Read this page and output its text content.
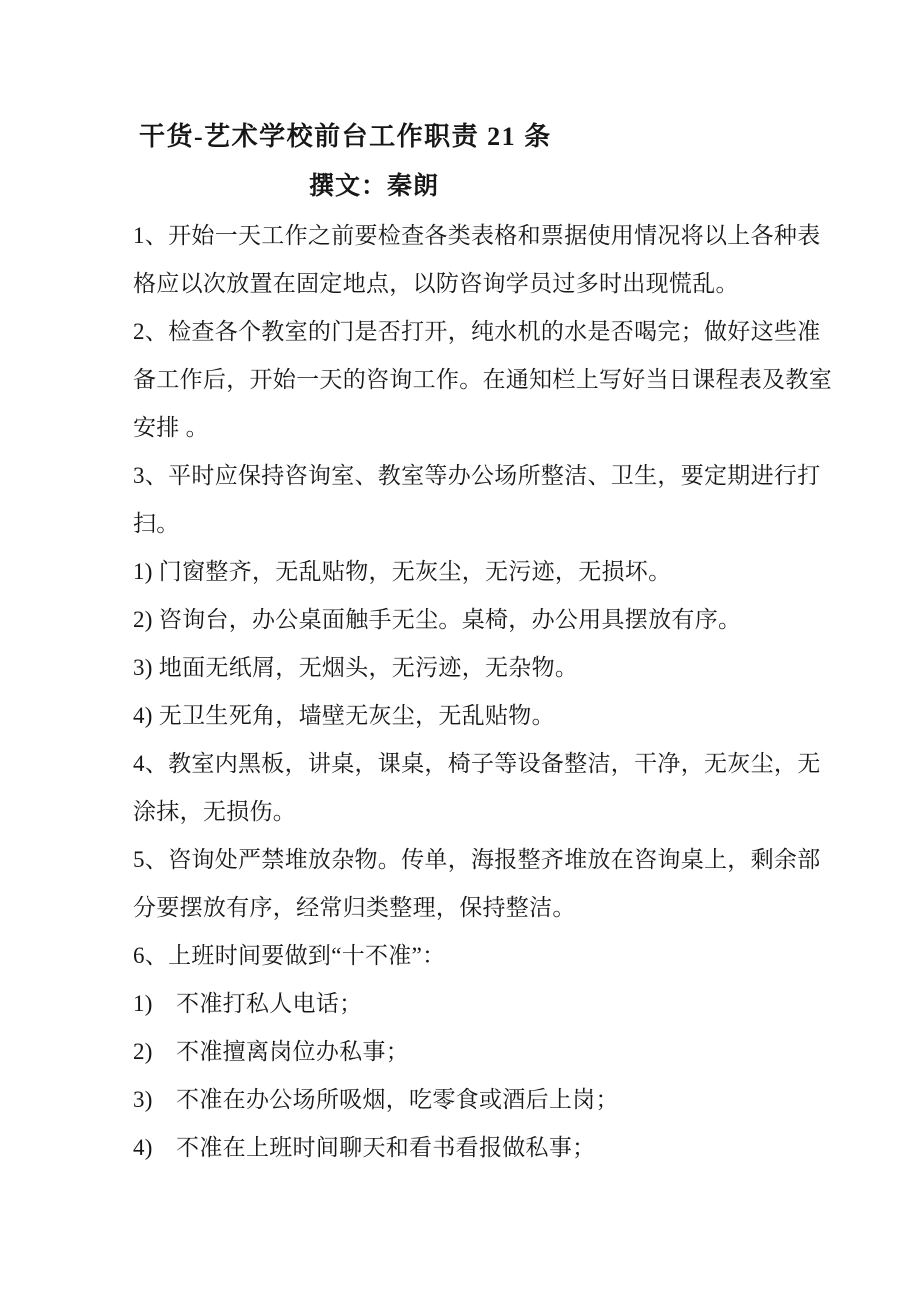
干货-艺术学校前台工作职责 21 条
撰文：秦朗
1、开始一天工作之前要检查各类表格和票据使用情况将以上各种表
格应以次放置在固定地点，以防咨询学员过多时出现慌乱。
2、检查各个教室的门是否打开，纯水机的水是否喝完；做好这些准
备工作后，开始一天的咨询工作。在通知栏上写好当日课程表及教室
安排 。
3、平时应保持咨询室、教室等办公场所整洁、卫生，要定期进行打
扫。
1) 门窗整齐，无乱贴物，无灰尘，无污迹，无损坏。
2) 咨询台，办公桌面触手无尘。桌椅，办公用具摆放有序。
3) 地面无纸屑，无烟头，无污迹，无杂物。
4) 无卫生死角，墙壁无灰尘，无乱贴物。
4、教室内黑板，讲桌，课桌，椅子等设备整洁，干净，无灰尘，无
涂抹，无损伤。
5、咨询处严禁堆放杂物。传单，海报整齐堆放在咨询桌上，剩余部
分要摆放有序，经常归类整理，保持整洁。
6、上班时间要做到“十不准”：
1) 不准打私人电话；
2) 不准擅离岗位办私事；
3) 不准在办公场所吸烟，吃零食或酒后上岗；
4) 不准在上班时间聊天和看书看报做私事；
